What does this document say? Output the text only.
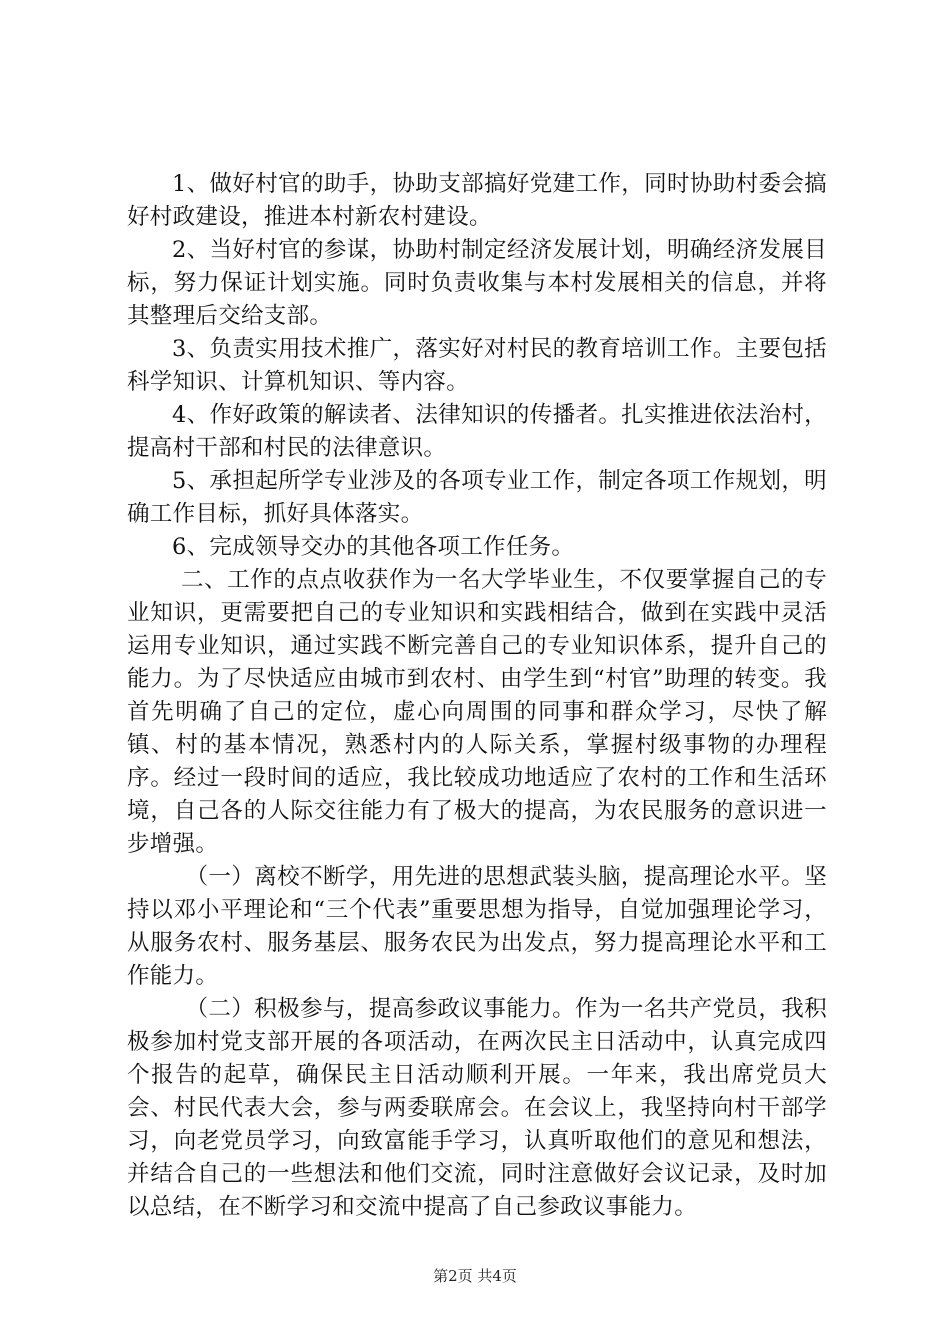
1、做好村官的助手，协助支部搞好党建工作，同时协助村委会搞好村政建设，推进本村新农村建设。

2、当好村官的参谋，协助村制定经济发展计划，明确经济发展目标，努力保证计划实施。同时负责收集与本村发展相关的信息，并将其整理后交给支部。

3、负责实用技术推广，落实好对村民的教育培训工作。主要包括科学知识、计算机知识、等内容。

4、作好政策的解读者、法律知识的传播者。扎实推进依法治村，提高村干部和村民的法律意识。

5、承担起所学专业涉及的各项专业工作，制定各项工作规划，明确工作目标，抓好具体落实。

6、完成领导交办的其他各项工作任务。

二、工作的点点收获作为一名大学毕业生，不仅要掌握自己的专业知识，更需要把自己的专业知识和实践相结合，做到在实践中灵活运用专业知识，通过实践不断完善自己的专业知识体系，提升自己的能力。为了尽快适应由城市到农村、由学生到“村官”助理的转变。我首先明确了自己的定位，虚心向周围的同事和群众学习，尽快了解镇、村的基本情况，熟悉村内的人际关系，掌握村级事物的办理程序。经过一段时间的适应，我比较成功地适应了农村的工作和生活环境，自己各的人际交往能力有了极大的提高，为农民服务的意识进一步增强。

（一）离校不断学，用先进的思想武装头脑，提高理论水平。坚持以邓小平理论和“三个代表”重要思想为指导，自觉加强理论学习，从服务农村、服务基层、服务农民为出发点，努力提高理论水平和工作能力。

（二）积极参与，提高参政议事能力。作为一名共产党员，我积极参加村党支部开展的各项活动，在两次民主日活动中，认真完成四个报告的起草，确保民主日活动顺利开展。一年来，我出席党员大会、村民代表大会，参与两委联席会。在会议上，我坚持向村干部学习，向老党员学习，向致富能手学习，认真听取他们的意见和想法，并结合自己的一些想法和他们交流，同时注意做好会议记录，及时加以总结，在不断学习和交流中提高了自己参政议事能力。

第2页 共4页
